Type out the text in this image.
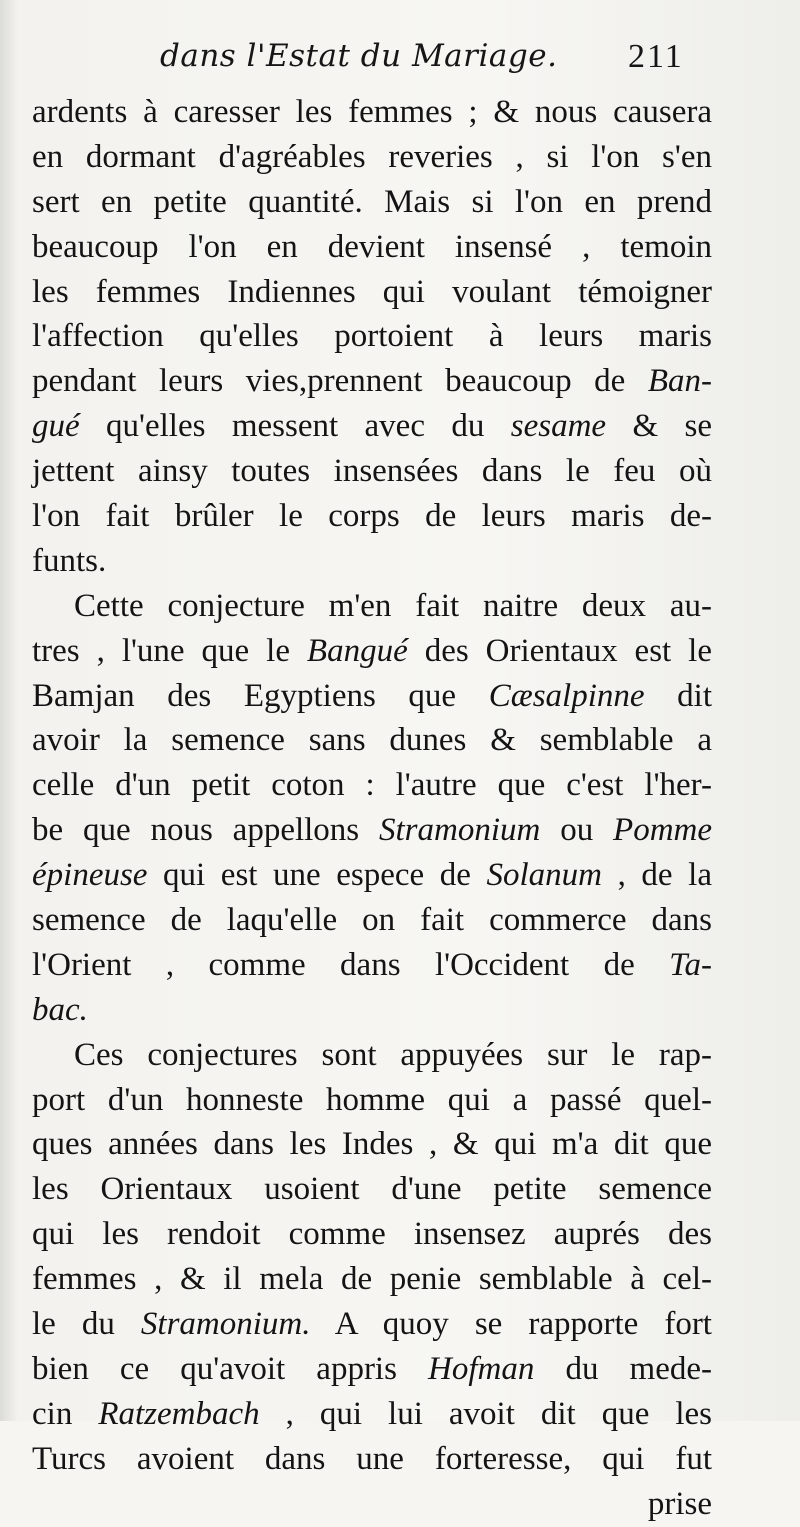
dans l'Estat du Mariage. 211
ardents à caresser les femmes ; & nous causera
en dormant d'agréables reveries , si l'on s'en
sert en petite quantité. Mais si l'on en prend
beaucoup l'on en devient insensé , temoin
les femmes Indiennes qui voulant témoigner
l'affection qu'elles portoient à leurs maris
pendant leurs vies,prennent beaucoup de Ban-
gué qu'elles messent avec du sesame & se
jettent ainsy toutes insensées dans le feu où
l'on fait brûler le corps de leurs maris de-
funts.
Cette conjecture m'en fait naitre deux au-
tres , l'une que le Bangué des Orientaux est le
Bamjan des Egyptiens que Cæsalpinne dit
avoir la semence sans dunes & semblable a
celle d'un petit coton : l'autre que c'est l'her-
be que nous appellons Stramonium ou Pomme
épineuse qui est une espece de Solanum , de la
semence de laqu'elle on fait commerce dans
l'Orient , comme dans l'Occident de Ta-
bac.
Ces conjectures sont appuyées sur le rap-
port d'un honneste homme qui a passé quel-
ques années dans les Indes , & qui m'a dit que
les Orientaux usoient d'une petite semence
qui les rendoit comme insensez auprés des
femmes , & il mela de penie semblable à cel-
le du Stramonium. A quoy se rapporte fort
bien ce qu'avoit appris Hofman du mede-
cin Ratzembach , qui lui avoit dit que les
Turcs avoient dans une forteresse, qui fut
prise
